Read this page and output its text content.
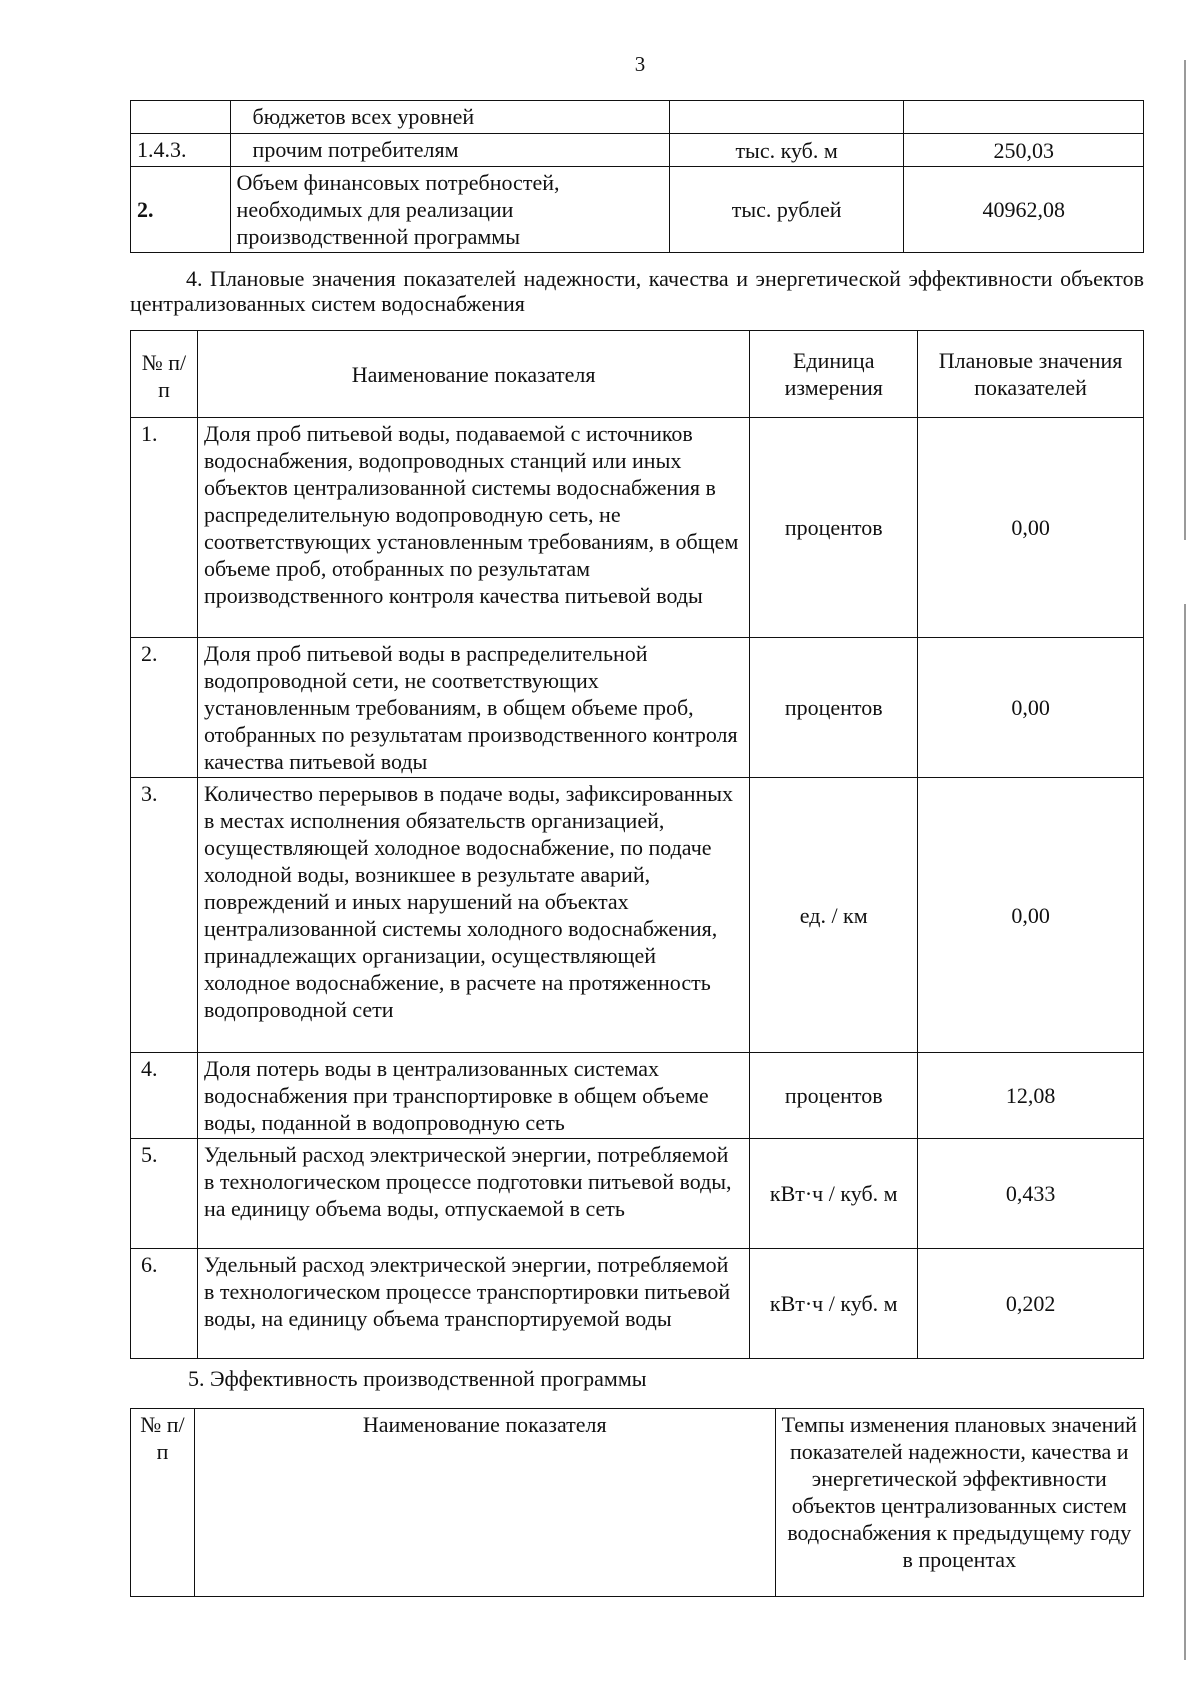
3
	бюджетов всех уровней		
1.4.3.	прочим потребителям	тыс. куб. м	250,03
2.	Объем финансовых потребностей, необходимых для реализации производственной программы	тыс. рублей	40962,08
4. Плановые значения показателей надежности, качества и энергетической эффективности объектов централизованных систем водоснабжения
№ п/п	Наименование показателя	Единица измерения	Плановые значения показателей
1.	Доля проб питьевой воды, подаваемой с источников водоснабжения, водопроводных станций или иных объектов централизованной системы водоснабжения в распределительную водопроводную сеть, не соответствующих установленным требованиям, в общем объеме проб, отобранных по результатам производственного контроля качества питьевой воды	процентов	0,00
2.	Доля проб питьевой воды в распределительной водопроводной сети, не соответствующих установленным требованиям, в общем объеме проб, отобранных по результатам производственного контроля качества питьевой воды	процентов	0,00
3.	Количество перерывов в подаче воды, зафиксированных в местах исполнения обязательств организацией, осуществляющей холодное водоснабжение, по подаче холодной воды, возникшее в результате аварий, повреждений и иных нарушений на объектах централизованной системы холодного водоснабжения, принадлежащих организации, осуществляющей холодное водоснабжение, в расчете на протяженность водопроводной сети	ед. / км	0,00
4.	Доля потерь воды в централизованных системах водоснабжения при транспортировке в общем объеме воды, поданной в водопроводную сеть	процентов	12,08
5.	Удельный расход электрической энергии, потребляемой в технологическом процессе подготовки питьевой воды, на единицу объема воды, отпускаемой в сеть	кВт·ч / куб. м	0,433
6.	Удельный расход электрической энергии, потребляемой в технологическом процессе транспортировки питьевой воды, на единицу объема транспортируемой воды	кВт·ч / куб. м	0,202
5. Эффективность производственной программы
№ п/п	Наименование показателя	Темпы изменения плановых значений показателей надежности, качества и энергетической эффективности объектов централизованных систем водоснабжения к предыдущему году в процентах
